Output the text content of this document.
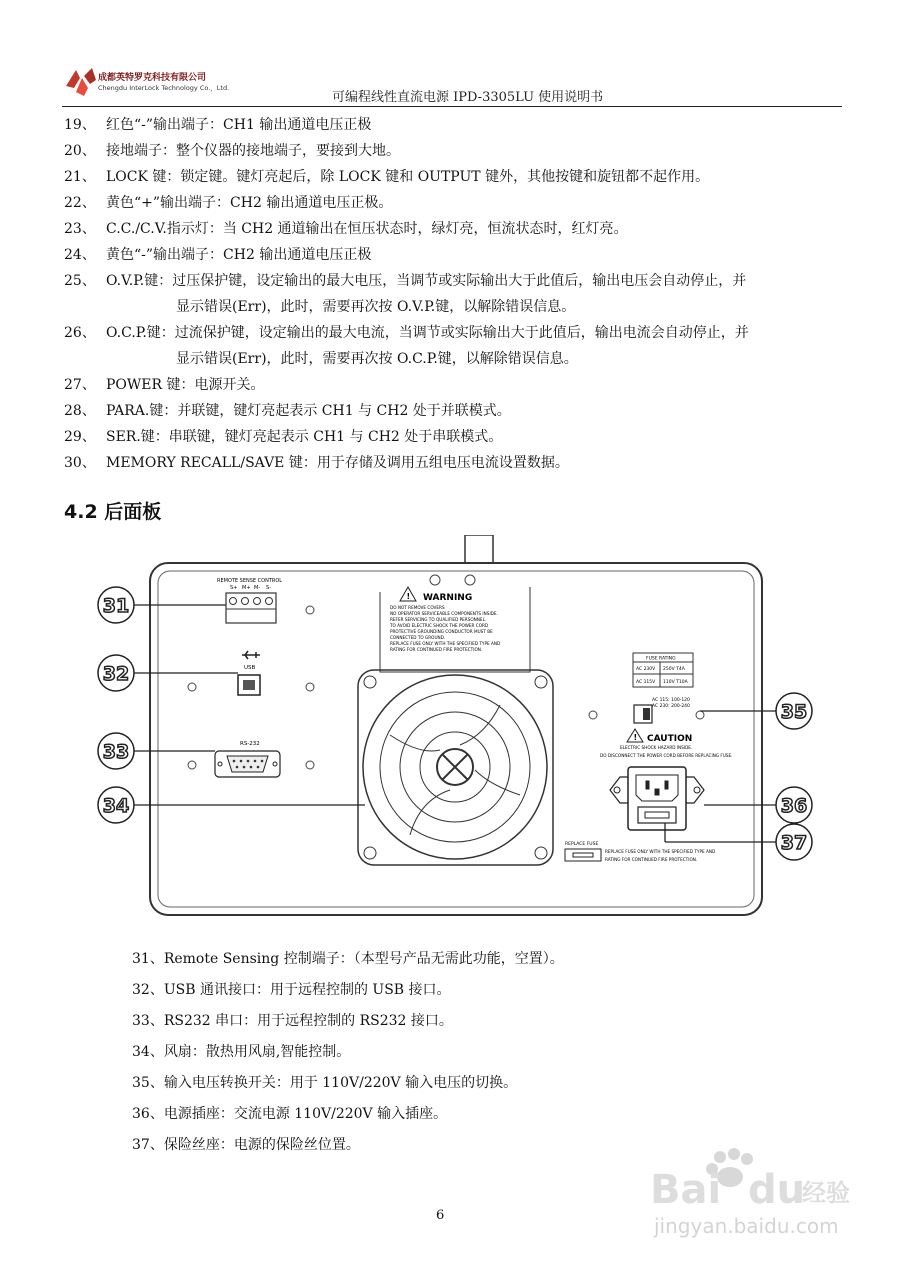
成都英特罗克科技有限公司
Chengdu InterLock Technology Co.，Ltd.
可编程线性直流电源 IPD-3305LU 使用说明书
19、 红色“-”输出端子：CH1 输出通道电压正极
20、 接地端子：整个仪器的接地端子，要接到大地。
21、 LOCK 键：锁定键。键灯亮起后，除 LOCK 键和 OUTPUT 键外，其他按键和旋钮都不起作用。
22、 黄色“+”输出端子：CH2 输出通道电压正极。
23、 C.C./C.V.指示灯：当 CH2 通道输出在恒压状态时，绿灯亮，恒流状态时，红灯亮。
24、 黄色“-”输出端子：CH2 输出通道电压正极
25、 O.V.P.键：过压保护键，设定输出的最大电压，当调节或实际输出大于此值后，输出电压会自动停止，并
显示错误(Err)，此时，需要再次按 O.V.P.键，以解除错误信息。
26、 O.C.P.键：过流保护键，设定输出的最大电流，当调节或实际输出大于此值后，输出电流会自动停止，并
显示错误(Err)，此时，需要再次按 O.C.P.键，以解除错误信息。
27、 POWER 键：电源开关。
28、 PARA.键：并联键，键灯亮起表示 CH1 与 CH2 处于并联模式。
29、 SER.键：串联键，键灯亮起表示 CH1 与 CH2 处于串联模式。
30、 MEMORY RECALL/SAVE 键：用于存储及调用五组电压电流设置数据。
4.2 后面板
REMOTE SENSE CONTROL
S+ M+ M- S-
USB
RS-232
! WARNING
DO NOT REMOVE COVERS
NO OPERATOR SERVICEABLE COMPONENTS INSIDE.
REFER SERVICING TO QUALIFIED PERSONNEL.
TO AVOID ELECTRIC SHOCK THE POWER CORD
PROTECTIVE GROUNDING CONDUCTOR MUST BE
CONNECTED TO GROUND.
REPLACE FUSE ONLY WITH THE SPECIFIED TYPE AND
RATING FOR CONTINUED FIRE PROTECTION.
FUSE RATING
AC 230V 250V T4A
AC 115V 110V T10A
AC 115: 100-120
AC 230: 200-240
! CAUTION
ELECTRIC SHOCK HAZARD INSIDE.
DO DISCONNECT THE POWER CORD BEFORE REPLACING FUSE.
REPLACE FUSE
REPLACE FUSE ONLY WITH THE SPECIFIED TYPE AND
RATING FOR CONTINUED FIRE PROTECTION.
31
32
33
34
35
36
37
31、Remote Sensing 控制端子：（本型号产品无需此功能，空置）。
32、USB 通讯接口：用于远程控制的 USB 接口。
33、RS232 串口：用于远程控制的 RS232 接口。
34、风扇：散热用风扇,智能控制。
35、输入电压转换开关：用于 110V/220V 输入电压的切换。
36、电源插座：交流电源 110V/220V 输入插座。
37、保险丝座：电源的保险丝位置。
6
Bai du
经验
jingyan.baidu.com
